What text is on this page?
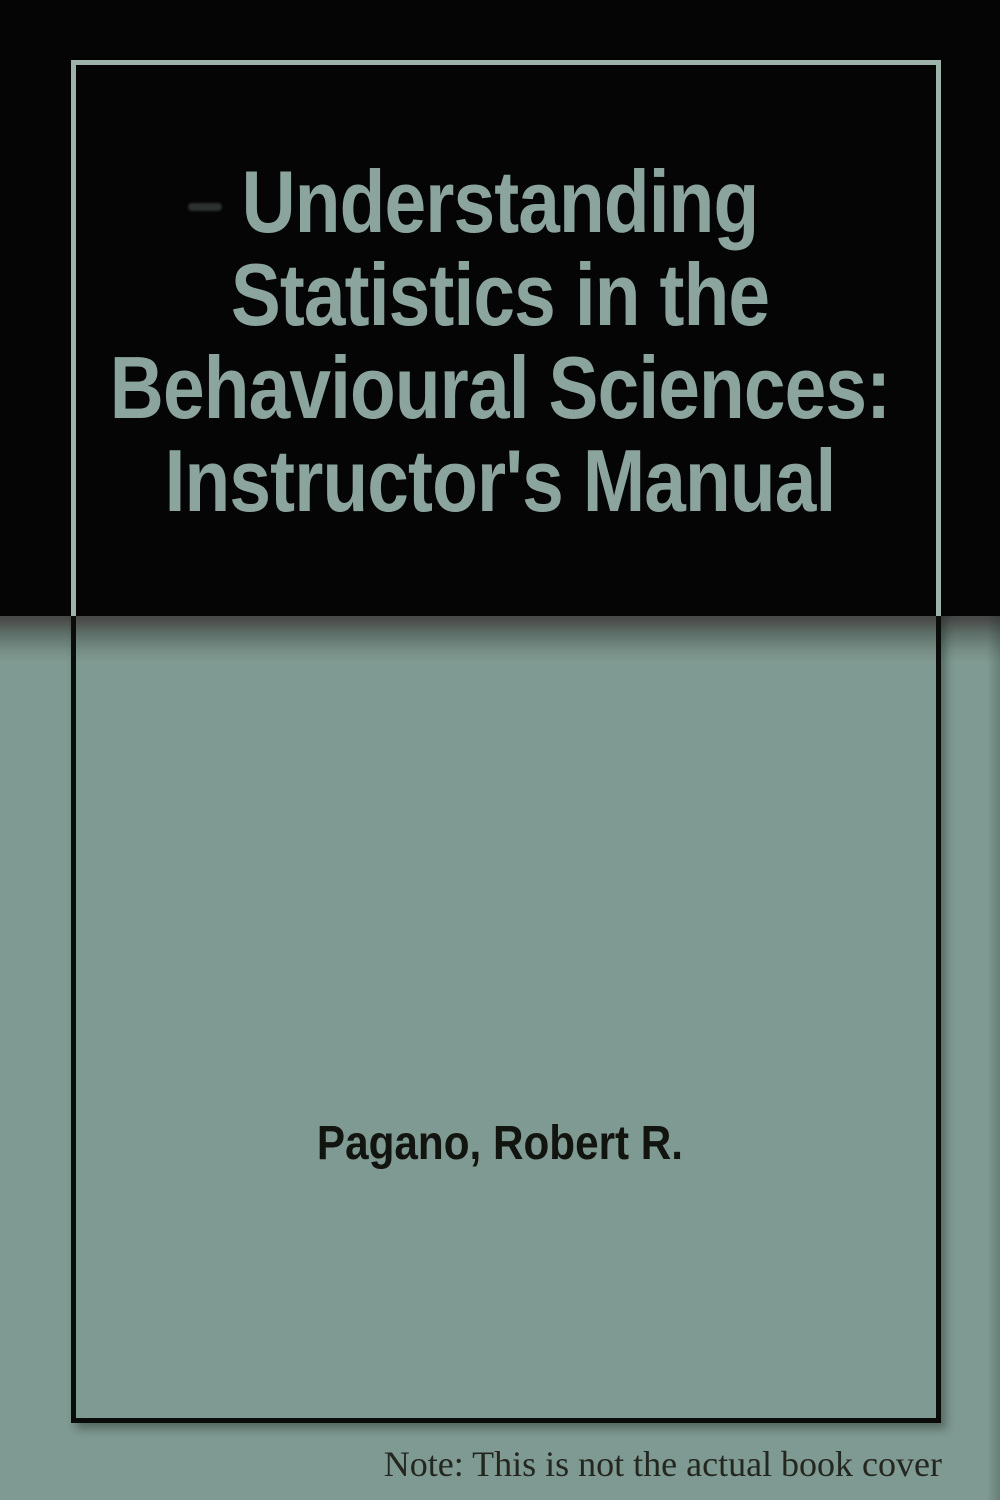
Understanding
Statistics in the
Behavioural Sciences:
Instructor's Manual
Pagano, Robert R.
Note: This is not the actual book cover
